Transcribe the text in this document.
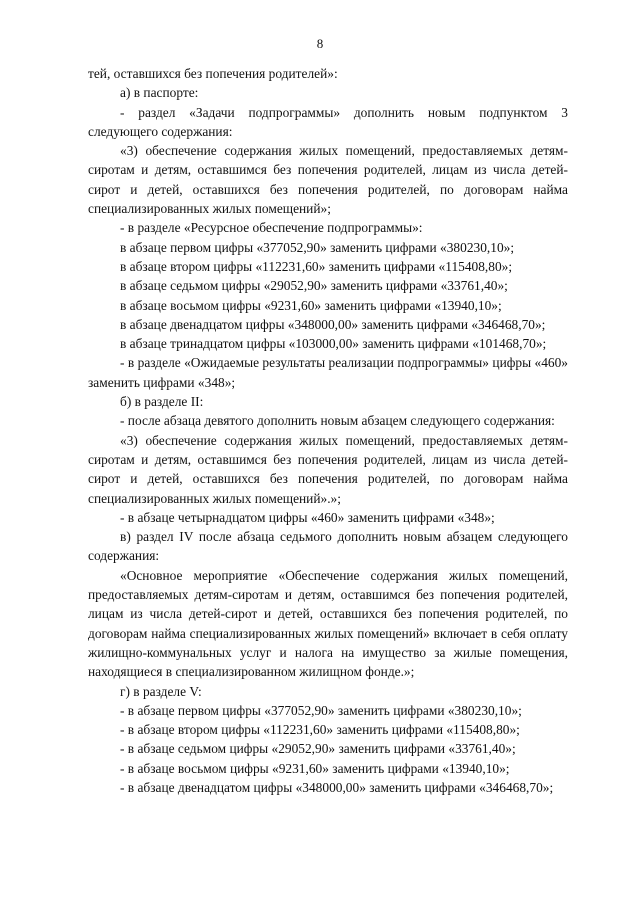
8

тей, оставшихся без попечения родителей»:

а) в паспорте:

- раздел «Задачи подпрограммы» дополнить новым подпунктом 3 следующего содержания:

«3) обеспечение содержания жилых помещений, предоставляемых детям-сиротам и детям, оставшимся без попечения родителей, лицам из числа детей-сирот и детей, оставшихся без попечения родителей, по договорам найма специализированных жилых помещений»;

- в разделе «Ресурсное обеспечение подпрограммы»:

в абзаце первом цифры «377052,90» заменить цифрами «380230,10»;

в абзаце втором цифры «112231,60» заменить цифрами «115408,80»;

в абзаце седьмом цифры «29052,90» заменить цифрами «33761,40»;

в абзаце восьмом цифры «9231,60» заменить цифрами «13940,10»;

в абзаце двенадцатом цифры «348000,00» заменить цифрами «346468,70»;

в абзаце тринадцатом цифры «103000,00» заменить цифрами «101468,70»;

- в разделе «Ожидаемые результаты реализации подпрограммы» цифры «460» заменить цифрами «348»;

б) в разделе II:

- после абзаца девятого дополнить новым абзацем следующего содержания:

«3) обеспечение содержания жилых помещений, предоставляемых детям-сиротам и детям, оставшимся без попечения родителей, лицам из числа детей-сирот и детей, оставшихся без попечения родителей, по договорам найма специализированных жилых помещений».»;

- в абзаце четырнадцатом цифры «460» заменить цифрами «348»;

в) раздел IV после абзаца седьмого дополнить новым абзацем следующего содержания:

«Основное мероприятие «Обеспечение содержания жилых помещений, предоставляемых детям-сиротам и детям, оставшимся без попечения родителей, лицам из числа детей-сирот и детей, оставшихся без попечения родителей, по договорам найма специализированных жилых помещений» включает в себя оплату жилищно-коммунальных услуг и налога на имущество за жилые помещения, находящиеся в специализированном жилищном фонде.»;

г) в разделе V:

- в абзаце первом цифры «377052,90» заменить цифрами «380230,10»;

- в абзаце втором цифры «112231,60» заменить цифрами «115408,80»;

- в абзаце седьмом цифры «29052,90» заменить цифрами «33761,40»;

- в абзаце восьмом цифры «9231,60» заменить цифрами «13940,10»;

- в абзаце двенадцатом цифры «348000,00» заменить цифрами «346468,70»;
